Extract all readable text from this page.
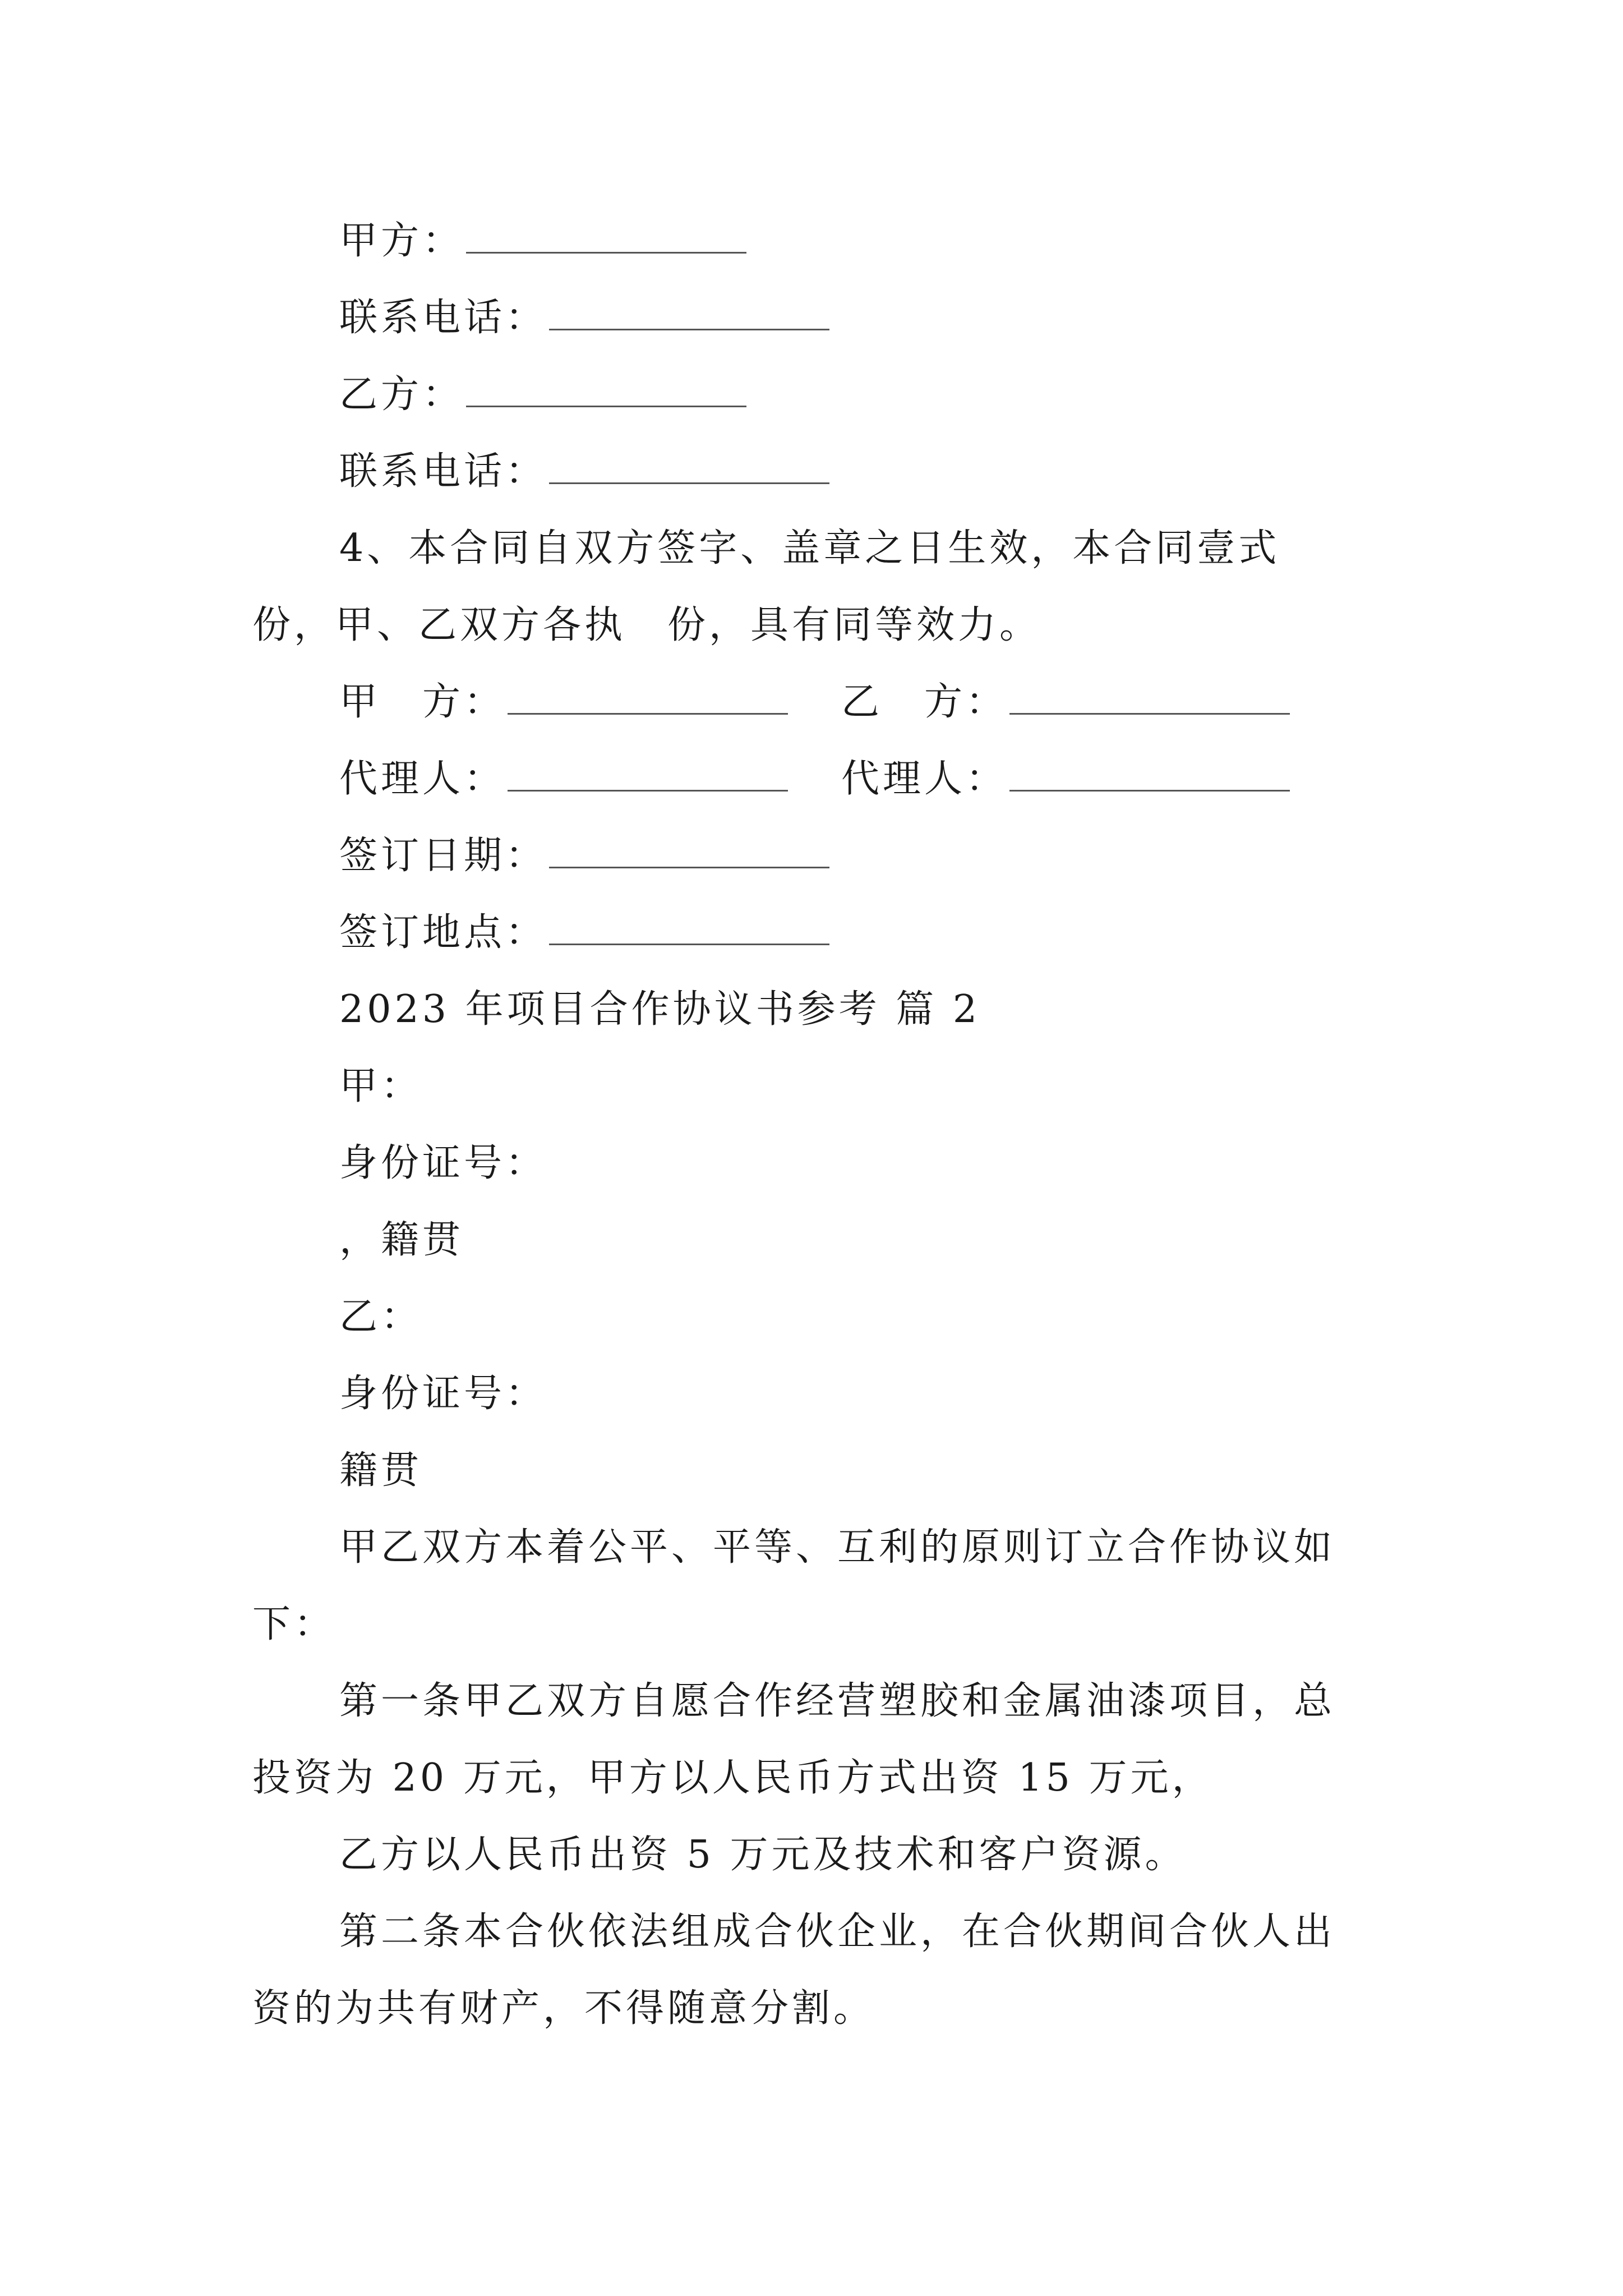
甲方：
联系电话：
乙方：
联系电话：
4、本合同自双方签字、盖章之日生效，本合同壹式
份，甲、乙双方各执　份，具有同等效力。
甲　方：	乙　方：
代理人：	代理人：
签订日期：
签订地点：
2023 年项目合作协议书参考 篇 2
甲：
身份证号：
，籍贯
乙：
身份证号：
籍贯
甲乙双方本着公平、平等、互利的原则订立合作协议如
下：
第一条甲乙双方自愿合作经营塑胶和金属油漆项目，总
投资为 20 万元，甲方以人民币方式出资 15 万元，
乙方以人民币出资 5 万元及技术和客户资源。
第二条本合伙依法组成合伙企业，在合伙期间合伙人出
资的为共有财产，不得随意分割。
